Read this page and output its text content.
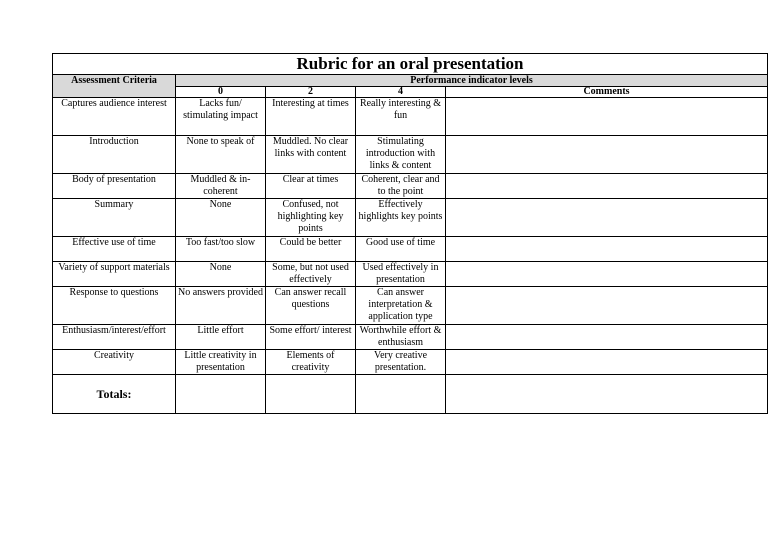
Rubric for an oral presentation				
Assessment Criteria	Performance indicator levels			
	0	2	4	Comments
Captures audience interest	Lacks fun/ stimulating impact	Interesting at times	Really interesting & fun	
Introduction	None to speak of	Muddled. No clear links with content	Stimulating introduction with links & content	
Body of presentation	Muddled & in-coherent	Clear at times	Coherent, clear and to the point	
Summary	None	Confused, not highlighting key points	Effectively highlights key points	
Effective use of time	Too fast/too slow	Could be better	Good use of time	
Variety of support materials	None	Some, but not used effectively	Used effectively in presentation	
Response to questions	No answers provided	Can answer recall questions	Can answer interpretation & application type	
Enthusiasm/interest/effort	Little effort	Some effort/ interest	Worthwhile effort & enthusiasm	
Creativity	Little creativity in presentation	Elements of creativity	Very creative presentation.	
Totals:				
